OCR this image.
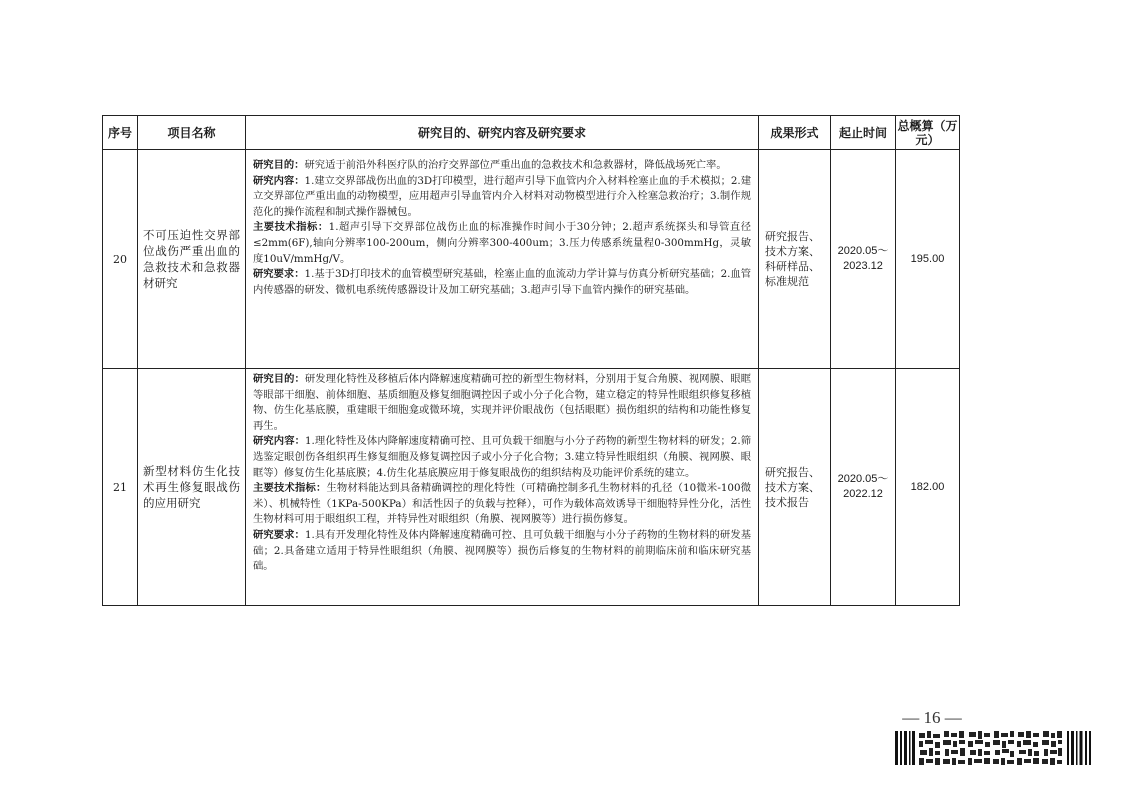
序号	项目名称	研究目的、研究内容及研究要求	成果形式	起止时间	总概算（万元）
20	不可压迫性交界部位战伤严重出血的急救技术和急救器材研究	研究目的：研究适于前沿外科医疗队的治疗交界部位严重出血的急救技术和急救器材，降低战场死亡率。

研究内容：1.建立交界部战伤出血的3D打印模型，进行超声引导下血管内介入材料栓塞止血的手术模拟；2.建立交界部位严重出血的动物模型，应用超声引导血管内介入材料对动物模型进行介入栓塞急救治疗；3.制作规范化的操作流程和制式操作器械包。

主要技术指标：1.超声引导下交界部位战伤止血的标准操作时间小于30分钟；2.超声系统探头和导管直径≤2mm(6F),轴向分辨率100-200um，侧向分辨率300-400um；3.压力传感系统量程0-300mmHg，灵敏度10uV/mmHg/V。

研究要求：1.基于3D打印技术的血管模型研究基础，栓塞止血的血流动力学计算与仿真分析研究基础；2.血管内传感器的研发、微机电系统传感器设计及加工研究基础；3.超声引导下血管内操作的研究基础。	研究报告、技术方案、科研样品、标准规范	2020.05～2023.12	195.00
21	新型材料仿生化技术再生修复眼战伤的应用研究	研究目的：研发理化特性及移植后体内降解速度精确可控的新型生物材料，分别用于复合角膜、视网膜、眼眶等眼部干细胞、前体细胞、基质细胞及修复细胞调控因子或小分子化合物，建立稳定的特异性眼组织修复移植物、仿生化基底膜，重建眼干细胞龛或微环境，实现并评价眼战伤（包括眼眶）损伤组织的结构和功能性修复再生。

研究内容：1.理化特性及体内降解速度精确可控、且可负载干细胞与小分子药物的新型生物材料的研发；2.筛选鉴定眼创伤各组织再生修复细胞及修复调控因子或小分子化合物；3.建立特异性眼组织（角膜、视网膜、眼眶等）修复仿生化基底膜；4.仿生化基底膜应用于修复眼战伤的组织结构及功能评价系统的建立。

主要技术指标：生物材料能达到具备精确调控的理化特性（可精确控制多孔生物材料的孔径（10微米-100微米）、机械特性（1KPa-500KPa）和活性因子的负载与控释），可作为载体高效诱导干细胞特异性分化，活性生物材料可用于眼组织工程，并特异性对眼组织（角膜、视网膜等）进行损伤修复。

研究要求：1.具有开发理化特性及体内降解速度精确可控、且可负载干细胞与小分子药物的生物材料的研发基础；2.具备建立适用于特异性眼组织（角膜、视网膜等）损伤后修复的生物材料的前期临床前和临床研究基础。	研究报告、技术方案、技术报告	2020.05～2022.12	182.00
— 16 —
